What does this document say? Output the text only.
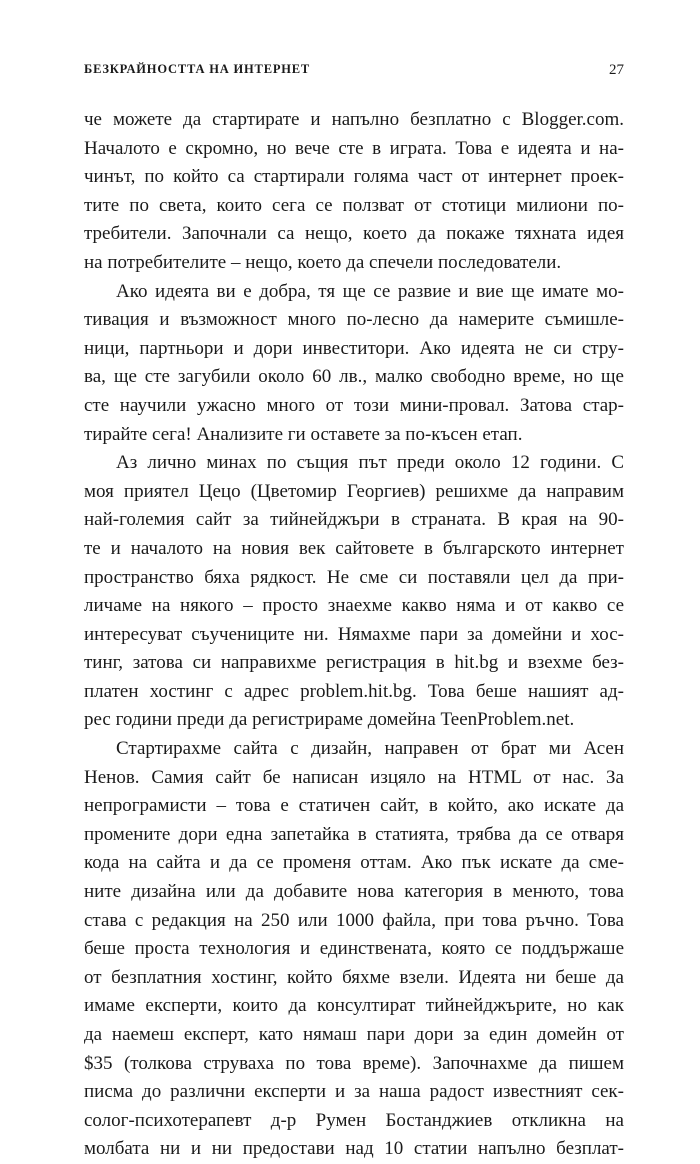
БЕЗКРАЙНОСТТА НА ИНТЕРНЕТ	27
че можете да стартирате и напълно безплатно с Blogger.com.
Началото е скромно, но вече сте в играта. Това е идеята и на-
чинът, по който са стартирали голяма част от интернет проек-
тите по света, които сега се ползват от стотици милиони по-
требители. Започнали са нещо, което да покаже тяхната идея
на потребителите – нещо, което да спечели последователи.
Ако идеята ви е добра, тя ще се развие и вие ще имате мо-
тивация и възможност много по-лесно да намерите съмишле-
ници, партньори и дори инвеститори. Ако идеята не си стру-
ва, ще сте загубили около 60 лв., малко свободно време, но ще
сте научили ужасно много от този мини-провал. Затова стар-
тирайте сега! Анализите ги оставете за по-късен етап.
Аз лично минах по същия път преди около 12 години. С
моя приятел Цецо (Цветомир Георгиев) решихме да направим
най-големия сайт за тийнейджъри в страната. В края на 90-
те и началото на новия век сайтовете в българското интернет
пространство бяха рядкост. Не сме си поставяли цел да при-
личаме на някого – просто знаехме какво няма и от какво се
интересуват съучениците ни. Нямахме пари за домейни и хос-
тинг, затова си направихме регистрация в hit.bg и взехме без-
платен хостинг с адрес problem.hit.bg. Това беше нашият ад-
рес години преди да регистрираме домейна TeenProblem.net.
Стартирахме сайта с дизайн, направен от брат ми Асен
Ненов. Самия сайт бе написан изцяло на HTML от нас. За
непрограмисти – това е статичен сайт, в който, ако искате да
промените дори една запетайка в статията, трябва да се отваря
кода на сайта и да се променя оттам. Ако пък искате да сме-
ните дизайна или да добавите нова категория в менюто, това
става с редакция на 250 или 1000 файла, при това ръчно. Това
беше проста технология и единствената, която се поддържаше
от безплатния хостинг, който бяхме взели. Идеята ни беше да
имаме експерти, които да консултират тийнейджърите, но как
да наемеш експерт, като нямаш пари дори за един домейн от
$35 (толкова струваха по това време). Започнахме да пишем
писма до различни експерти и за наша радост известният сек-
солог-психотерапевт д-р Румен Бостанджиев откликна на
молбата ни и ни предостави над 10 статии напълно безплат-
